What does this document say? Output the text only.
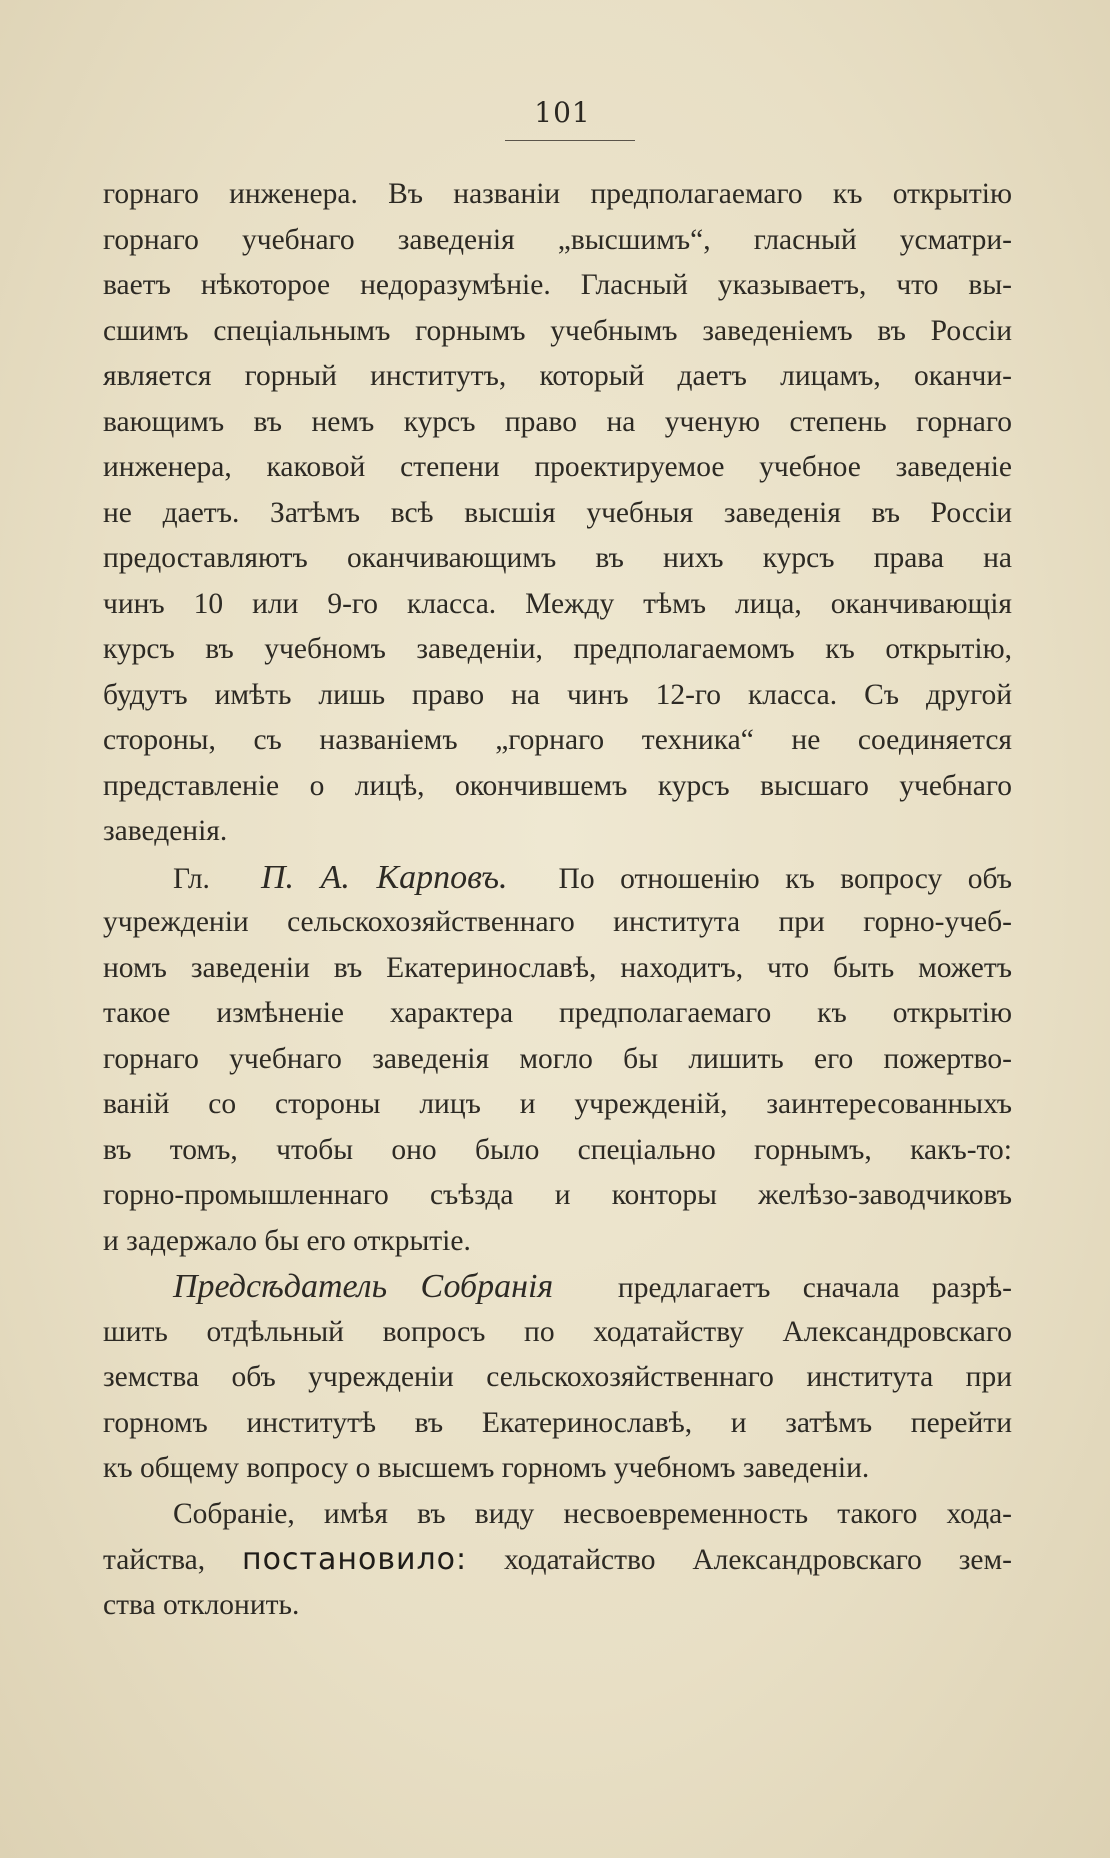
101
горнаго инженера. Въ названіи предполагаемаго къ открытію
горнаго учебнаго заведенія „высшимъ“, гласный усматри-
ваетъ нѣкоторое недоразумѣніе. Гласный указываетъ, что вы-
сшимъ спеціальнымъ горнымъ учебнымъ заведеніемъ въ Россіи
является горный институтъ, который даетъ лицамъ, оканчи-
вающимъ въ немъ курсъ право на ученую степень горнаго
инженера, каковой степени проектируемое учебное заведеніе
не даетъ. Затѣмъ всѣ высшія учебныя заведенія въ Россіи
предоставляютъ оканчивающимъ въ нихъ курсъ права на
чинъ 10 или 9-го класса. Между тѣмъ лица, оканчивающія
курсъ въ учебномъ заведеніи, предполагаемомъ къ открытію,
будутъ имѣть лишь право на чинъ 12-го класса. Съ другой
стороны, съ названіемъ „горнаго техника“ не соединяется
представленіе о лицѣ, окончившемъ курсъ высшаго учебнаго
заведенія.
Гл. П. А. Карповъ. По отношенію къ вопросу объ
учрежденіи сельскохозяйственнаго института при горно-учеб-
номъ заведеніи въ Екатеринославѣ, находитъ, что быть можетъ
такое измѣненіе характера предполагаемаго къ открытію
горнаго учебнаго заведенія могло бы лишить его пожертво-
ваній со стороны лицъ и учрежденій, заинтересованныхъ
въ томъ, чтобы оно было спеціально горнымъ, какъ-то:
горно-промышленнаго съѣзда и конторы желѣзо-заводчиковъ
и задержало бы его открытіе.
Предсѣдатель Собранія предлагаетъ сначала разрѣ-
шить отдѣльный вопросъ по ходатайству Александровскаго
земства объ учрежденіи сельскохозяйственнаго института при
горномъ институтѣ въ Екатеринославѣ, и затѣмъ перейти
къ общему вопросу о высшемъ горномъ учебномъ заведеніи.
Собраніе, имѣя въ виду несвоевременность такого хода-
тайства, постановило: ходатайство Александровскаго зем-
ства отклонить.
